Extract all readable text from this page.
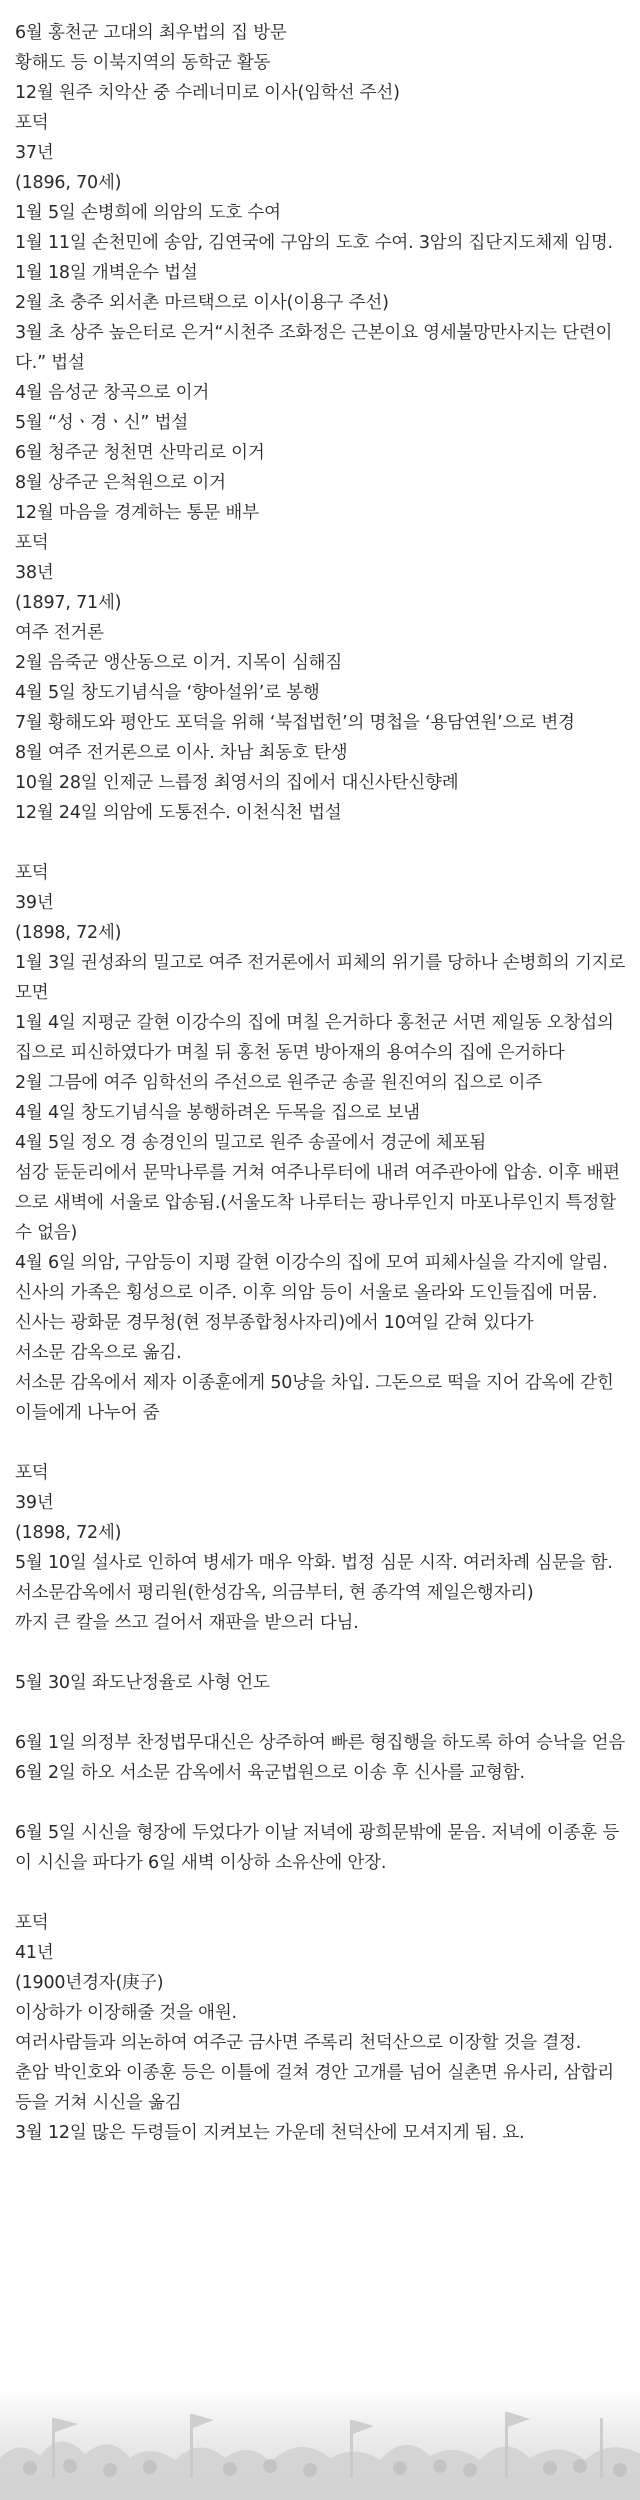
6월 홍천군 고대의 최우법의 집 방문
황해도 등 이북지역의 동학군 활동
12월 원주 치악산 중 수레너미로 이사(임학선 주선)
포덕
37년
(1896, 70세)
1월 5일 손병희에 의암의 도호 수여
1월 11일 손천민에 송암, 김연국에 구암의 도호 수여. 3암의 집단지도체제 임명.
1월 18일 개벽운수 법설
2월 초 충주 외서촌 마르택으로 이사(이용구 주선)
3월 초 상주 높은터로 은거“시천주 조화정은 근본이요 영세불망만사지는 단련이다.” 법설
4월 음성군 창곡으로 이거
5월 “성ㆍ경ㆍ신” 법설
6월 청주군 청천면 산막리로 이거
8월 상주군 은척원으로 이거
12월 마음을 경계하는 통문 배부
포덕
38년
(1897, 71세)
여주 전거론
2월 음죽군 앵산동으로 이거. 지목이 심해짐
4월 5일 창도기념식을 ‘향아설위’로 봉행
7월 황해도와 평안도 포덕을 위해 ‘북접법헌’의 명첩을 ‘용담연원’으로 변경
8월 여주 전거론으로 이사. 차남 최동호 탄생
10월 28일 인제군 느릅정 최영서의 집에서 대신사탄신향례
12월 24일 의암에 도통전수. 이천식천 법설
포덕
39년
(1898, 72세)
1월 3일 권성좌의 밀고로 여주 전거론에서 피체의 위기를 당하나 손병희의 기지로 모면
1월 4일 지평군 갈현 이강수의 집에 며칠 은거하다 홍천군 서면 제일동 오창섭의 집으로 피신하였다가 며칠 뒤 홍천 동면 방아재의 용여수의 집에 은거하다
2월 그믐에 여주 임학선의 주선으로 원주군 송골 원진여의 집으로 이주
4월 4일 창도기념식을 봉행하려온 두목을 집으로 보냄
4월 5일 정오 경 송경인의 밀고로 원주 송골에서 경군에 체포됨
섬강 둔둔리에서 문막나루를 거쳐 여주나루터에 내려 여주관아에 압송. 이후 배편으로 새벽에 서울로 압송됨.(서울도착 나루터는 광나루인지 마포나루인지 특정할수 없음)
4월 6일 의암, 구암등이 지평 갈현 이강수의 집에 모여 피체사실을 각지에 알림.
신사의 가족은 횡성으로 이주. 이후 의암 등이 서울로 올라와 도인들집에 머뭄.
신사는 광화문 경무청(현 정부종합청사자리)에서 10여일 갇혀 있다가
서소문 감옥으로 옮김.
서소문 감옥에서 제자 이종훈에게 50냥을 차입. 그돈으로 떡을 지어 감옥에 갇힌 이들에게 나누어 줌
포덕
39년
(1898, 72세)
5월 10일 설사로 인하여 병세가 매우 악화. 법정 심문 시작. 여러차례 심문을 함.
서소문감옥에서 평리원(한성감옥, 의금부터, 현 종각역 제일은행자리)
까지 큰 칼을 쓰고 걸어서 재판을 받으러 다님.
5월 30일 좌도난정율로 사형 언도
6월 1일 의정부 찬정법무대신은 상주하여 빠른 형집행을 하도록 하여 승낙을 얻음
6월 2일 하오 서소문 감옥에서 육군법원으로 이송 후 신사를 교형함.
6월 5일 시신을 형장에 두었다가 이날 저녁에 광희문밖에 묻음. 저녁에 이종훈 등이 시신을 파다가 6일 새벽 이상하 소유산에 안장.
포덕
41년
(1900년경자(庚子)
이상하가 이장해줄 것을 애원.
여러사람들과 의논하여 여주군 금사면 주록리 천덕산으로 이장할 것을 결정.
춘암 박인호와 이종훈 등은 이틀에 걸쳐 경안 고개를 넘어 실촌면 유사리, 삼합리 등을 거쳐 시신을 옮김
3월 12일 많은 두령들이 지켜보는 가운데 천덕산에 모셔지게 됨. 요.
